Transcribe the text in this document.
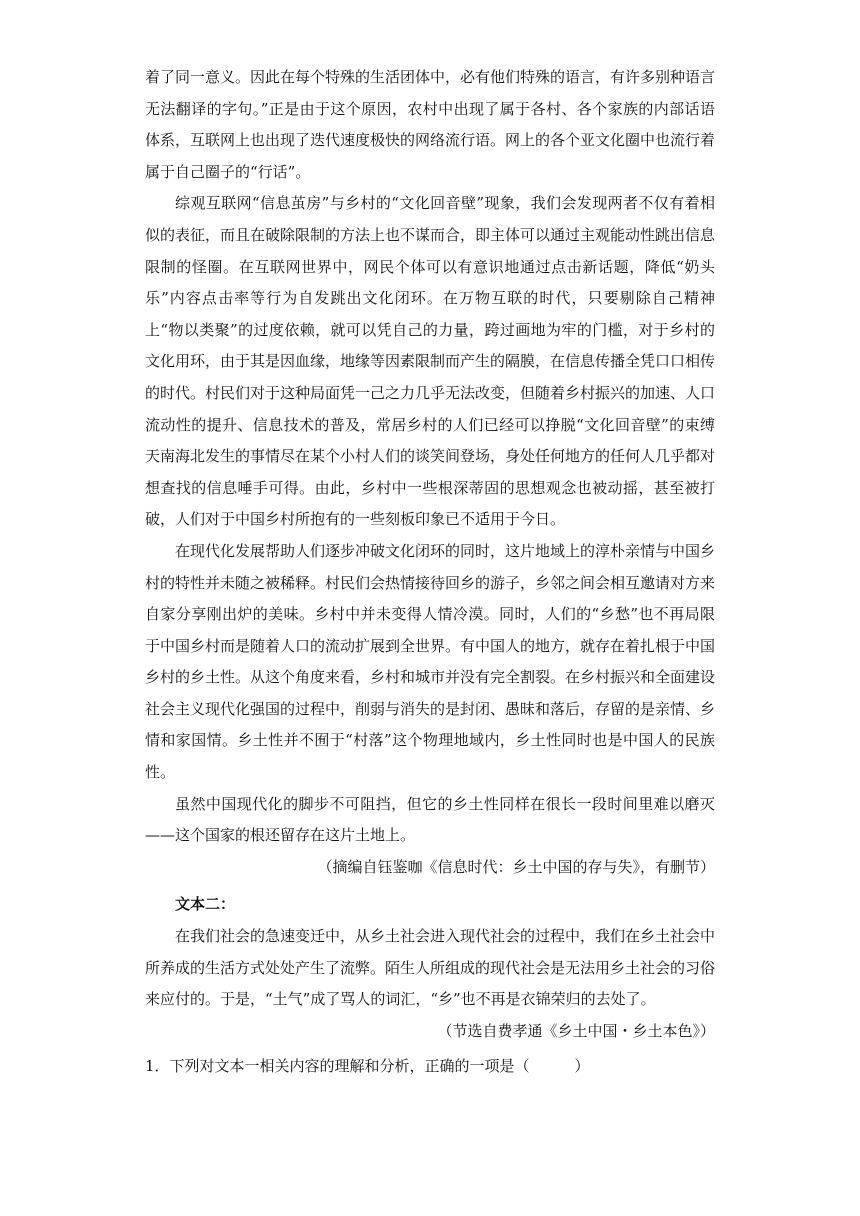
着了同一意义。因此在每个特殊的生活团体中，必有他们特殊的语言，有许多别种语言无法翻译的字句。”正是由于这个原因，农村中出现了属于各村、各个家族的内部话语体系，互联网上也出现了迭代速度极快的网络流行语。网上的各个亚文化圈中也流行着属于自己圈子的“行话”。

综观互联网“信息茧房”与乡村的“文化回音壁”现象，我们会发现两者不仅有着相似的表征，而且在破除限制的方法上也不谋而合，即主体可以通过主观能动性跳出信息限制的怪圈。在互联网世界中，网民个体可以有意识地通过点击新话题，降低“奶头乐”内容点击率等行为自发跳出文化闭环。在万物互联的时代，只要剔除自己精神上“物以类聚”的过度依赖，就可以凭自己的力量，跨过画地为牢的门槛，对于乡村的文化用环，由于其是因血缘，地缘等因素限制而产生的隔膜，在信息传播全凭口口相传的时代。村民们对于这种局面凭一己之力几乎无法改变，但随着乡村振兴的加速、人口流动性的提升、信息技术的普及，常居乡村的人们已经可以挣脱“文化回音壁”的束缚天南海北发生的事情尽在某个小村人们的谈笑间登场，身处任何地方的任何人几乎都对想查找的信息唾手可得。由此，乡村中一些根深蒂固的思想观念也被动摇，甚至被打破，人们对于中国乡村所抱有的一些刻板印象已不适用于今日。

在现代化发展帮助人们逐步冲破文化闭环的同时，这片地域上的淳朴亲情与中国乡村的特性并未随之被稀释。村民们会热情接待回乡的游子，乡邻之间会相互邀请对方来自家分享刚出炉的美味。乡村中并未变得人情冷漠。同时，人们的“乡愁”也不再局限于中国乡村而是随着人口的流动扩展到全世界。有中国人的地方，就存在着扎根于中国乡村的乡土性。从这个角度来看，乡村和城市并没有完全割裂。在乡村振兴和全面建设社会主义现代化强国的过程中，削弱与消失的是封闭、愚昧和落后，存留的是亲情、乡情和家国情。乡土性并不囿于“村落”这个物理地域内，乡土性同时也是中国人的民族性。

虽然中国现代化的脚步不可阻挡，但它的乡土性同样在很长一段时间里难以磨灭——这个国家的根还留存在这片土地上。

（摘编自钰鉴咖《信息时代：乡土中国的存与失》，有删节）

文本二：

在我们社会的急速变迁中，从乡土社会进入现代社会的过程中，我们在乡土社会中所养成的生活方式处处产生了流弊。陌生人所组成的现代社会是无法用乡土社会的习俗来应付的。于是，“土气”成了骂人的词汇，“乡”也不再是衣锦荣归的去处了。

（节选自费孝通《乡土中国・乡土本色》）

1．下列对文本一相关内容的理解和分析，正确的一项是（　　　）
